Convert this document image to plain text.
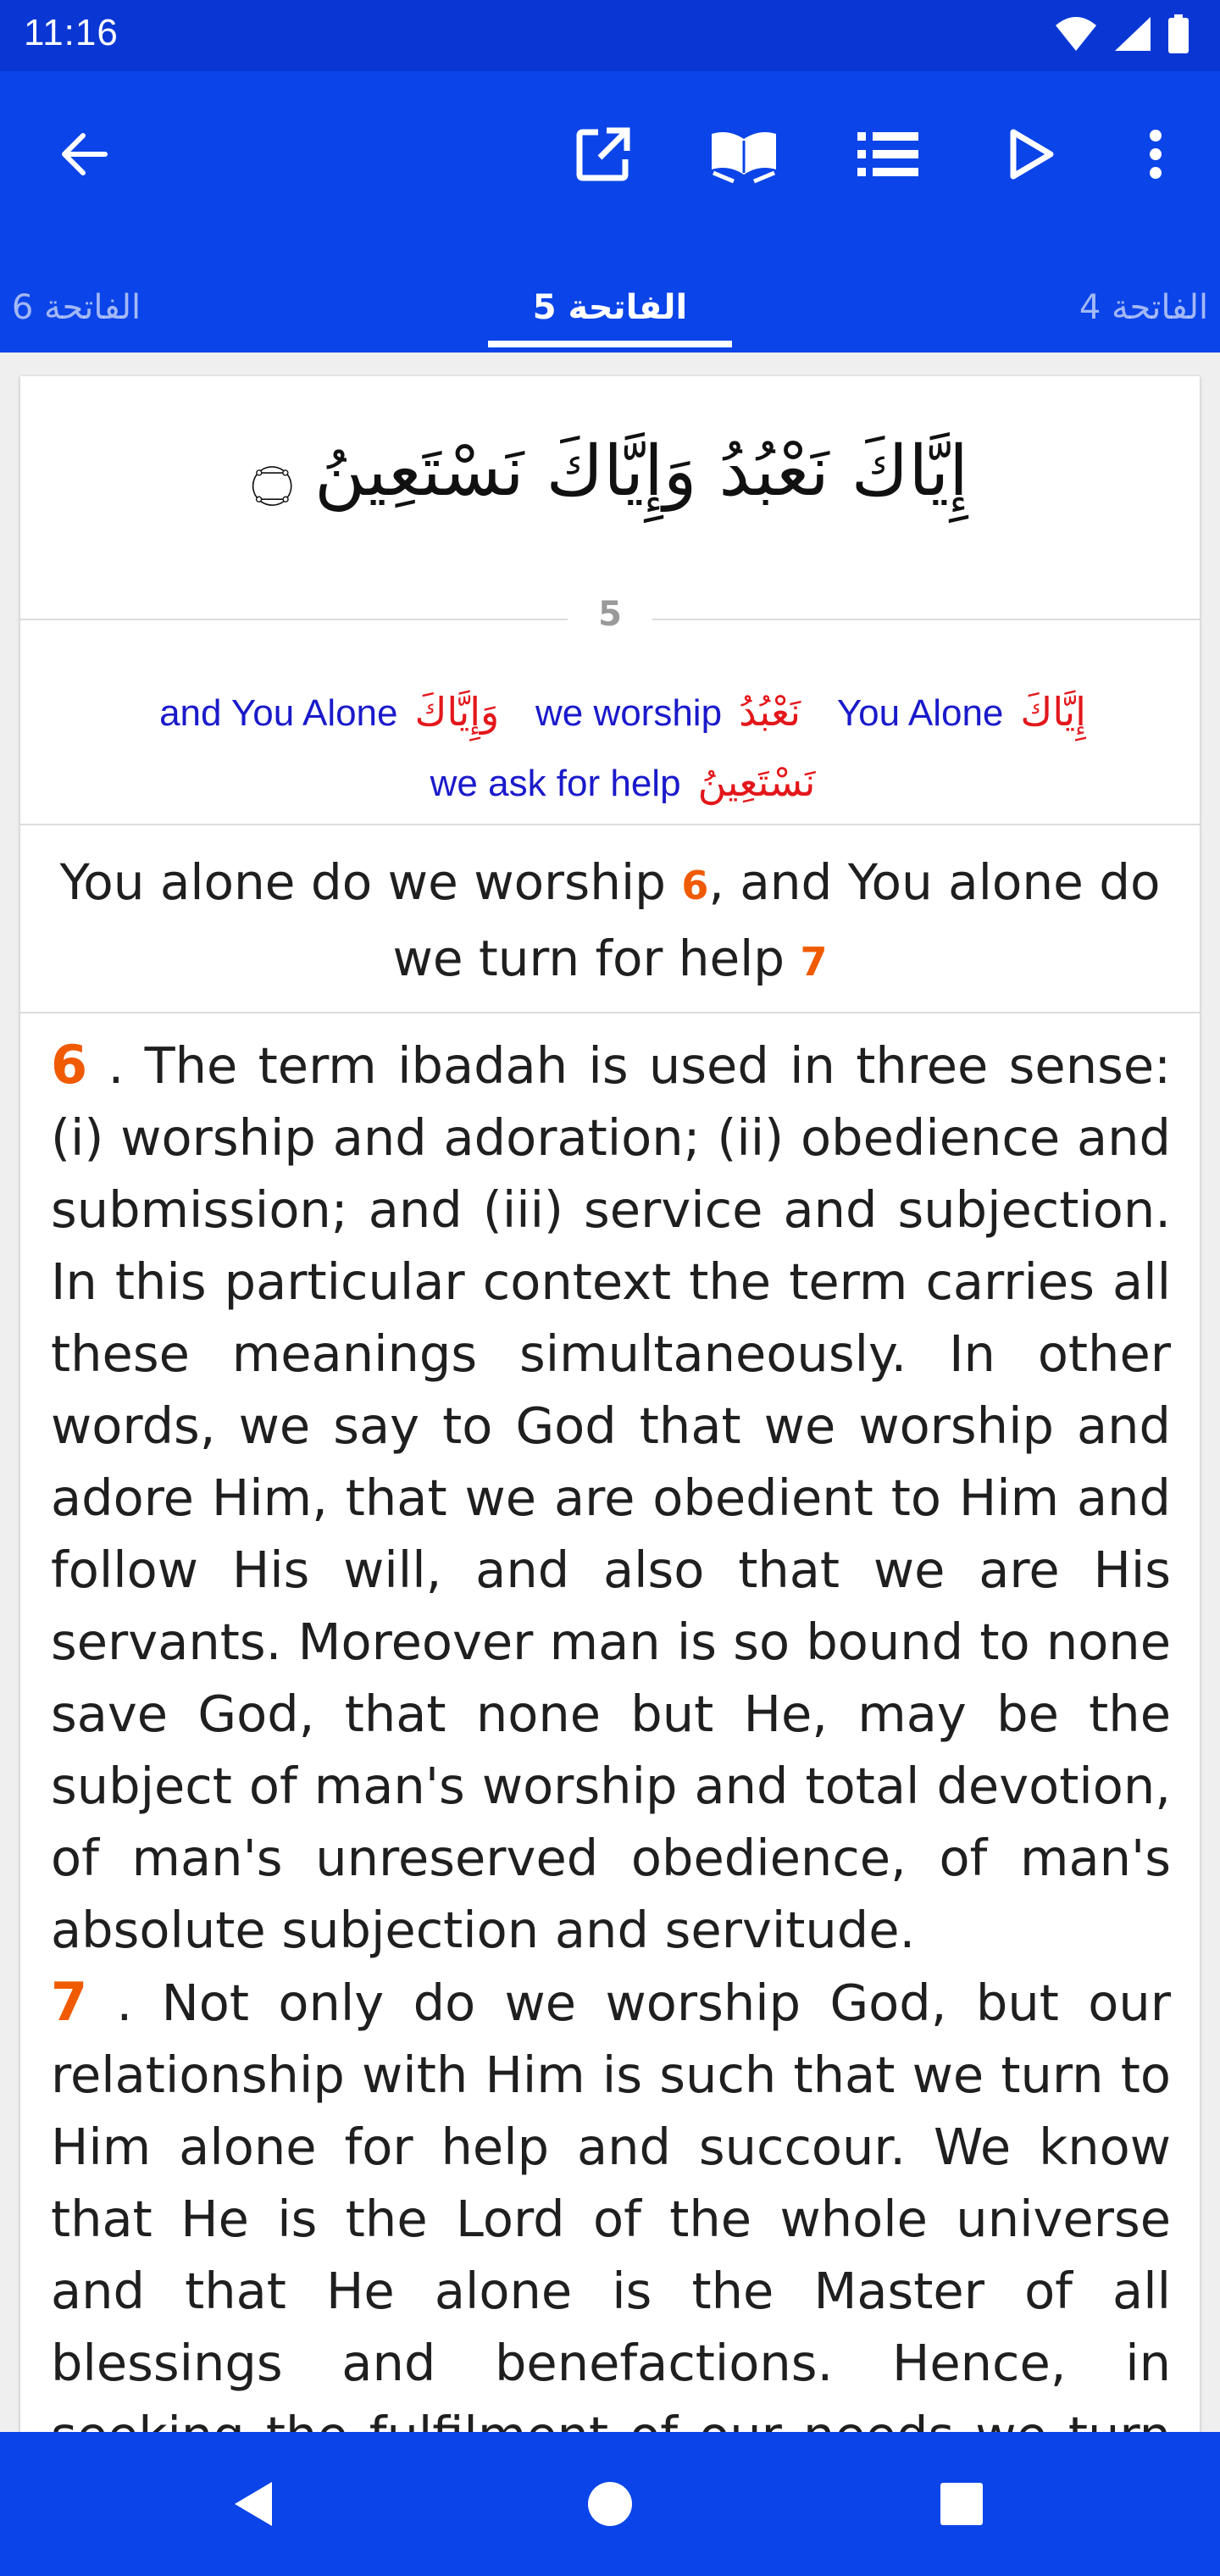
11:16
الفاتحة 6	الفاتحة 5	الفاتحة 4
إِيَّاكَ نَعْبُدُ وَإِيَّاكَ نَسْتَعِينُ ۝
5
إِيَّاكَYou Alone نَعْبُدُwe worship وَإِيَّاكَand You Alone نَسْتَعِينُwe ask for help
You alone do we worship 6, and You alone do we turn for help 7

6 . The term ibadah is used in three sense: (i) worship and adoration; (ii) obedience and submission; and (iii) service and subjection. In this particular context the term carries all these meanings simultaneously. In other words, we say to God that we worship and adore Him, that we are obedient to Him and follow His will, and also that we are His servants. Moreover man is so bound to none save God, that none but He, may be the subject of man's worship and total devotion, of man's unreserved obedience, of man's absolute subjection and servitude.

7 . Not only do we worship God, but our relationship with Him is such that we turn to Him alone for help and succour. We know that He is the Lord of the whole universe and that He alone is the Master of all blessings and benefactions. Hence, in
